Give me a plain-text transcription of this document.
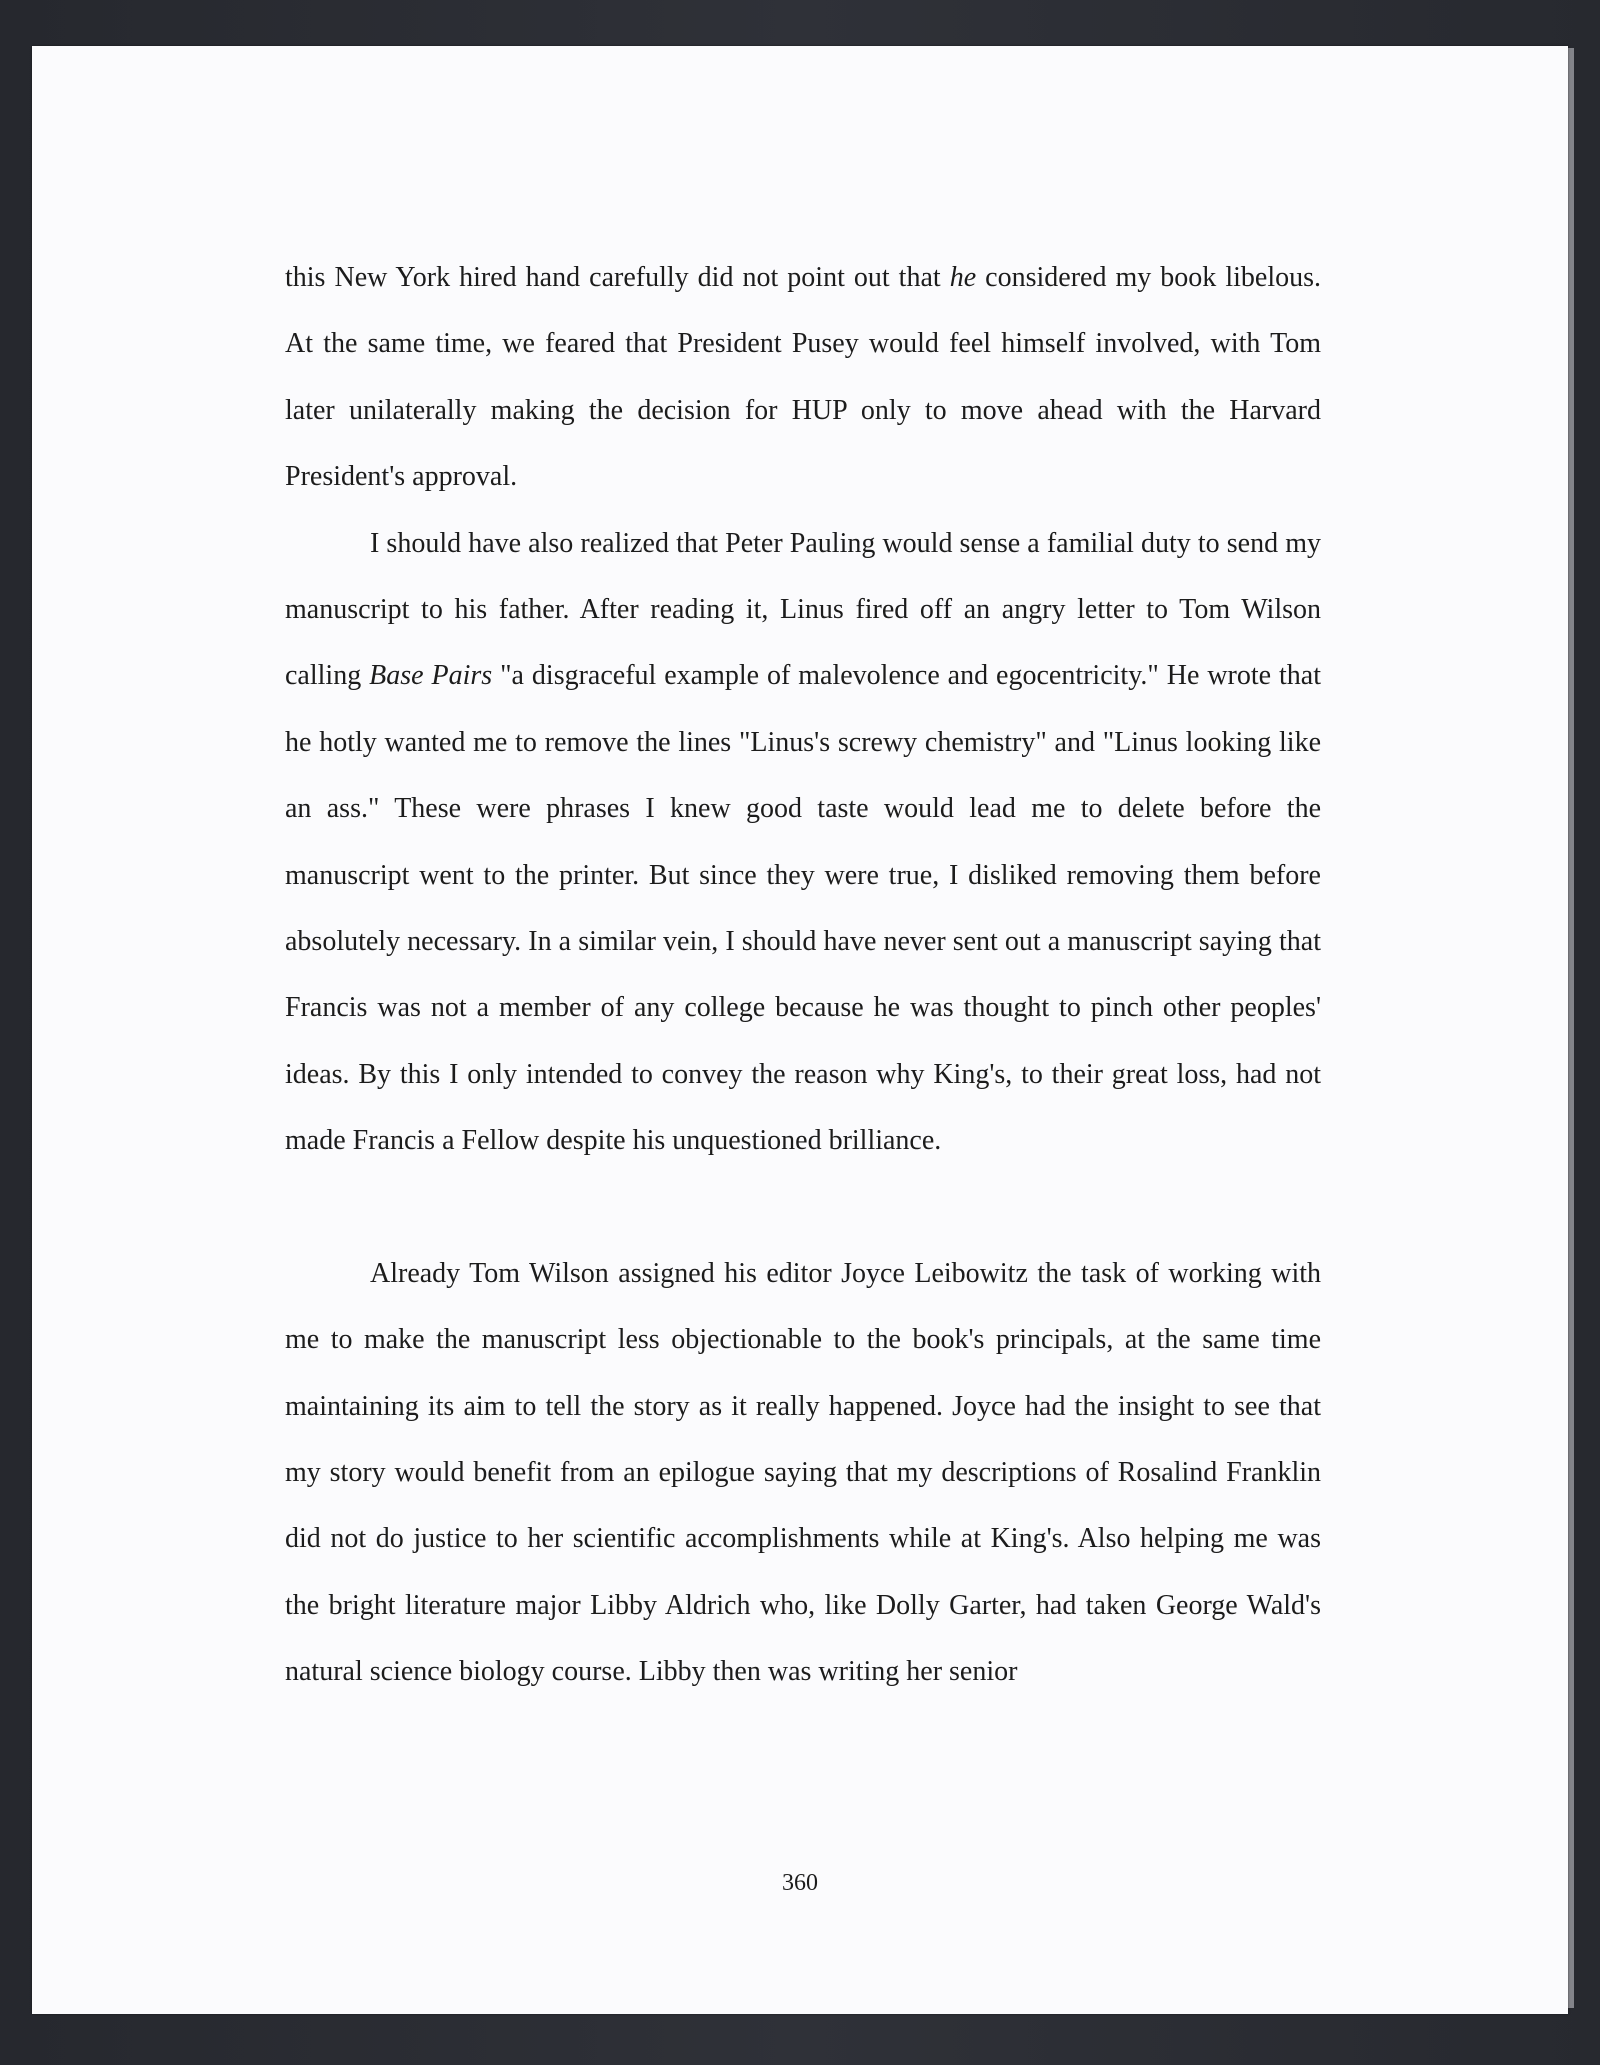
this New York hired hand carefully did not point out that he considered my book libelous. At the same time, we feared that President Pusey would feel himself involved, with Tom later unilaterally making the decision for HUP only to move ahead with the Harvard President's approval.

I should have also realized that Peter Pauling would sense a familial duty to send my manuscript to his father. After reading it, Linus fired off an angry letter to Tom Wilson calling Base Pairs "a disgraceful example of malevolence and egocentricity." He wrote that he hotly wanted me to remove the lines "Linus's screwy chemistry" and "Linus looking like an ass." These were phrases I knew good taste would lead me to delete before the manuscript went to the printer. But since they were true, I disliked removing them before absolutely necessary. In a similar vein, I should have never sent out a manuscript saying that Francis was not a member of any college because he was thought to pinch other peoples' ideas. By this I only intended to convey the reason why King's, to their great loss, had not made Francis a Fellow despite his unquestioned brilliance.

Already Tom Wilson assigned his editor Joyce Leibowitz the task of working with me to make the manuscript less objectionable to the book's principals, at the same time maintaining its aim to tell the story as it really happened. Joyce had the insight to see that my story would benefit from an epilogue saying that my descriptions of Rosalind Franklin did not do justice to her scientific accomplishments while at King's. Also helping me was the bright literature major Libby Aldrich who, like Dolly Garter, had taken George Wald's natural science biology course. Libby then was writing her senior

360
